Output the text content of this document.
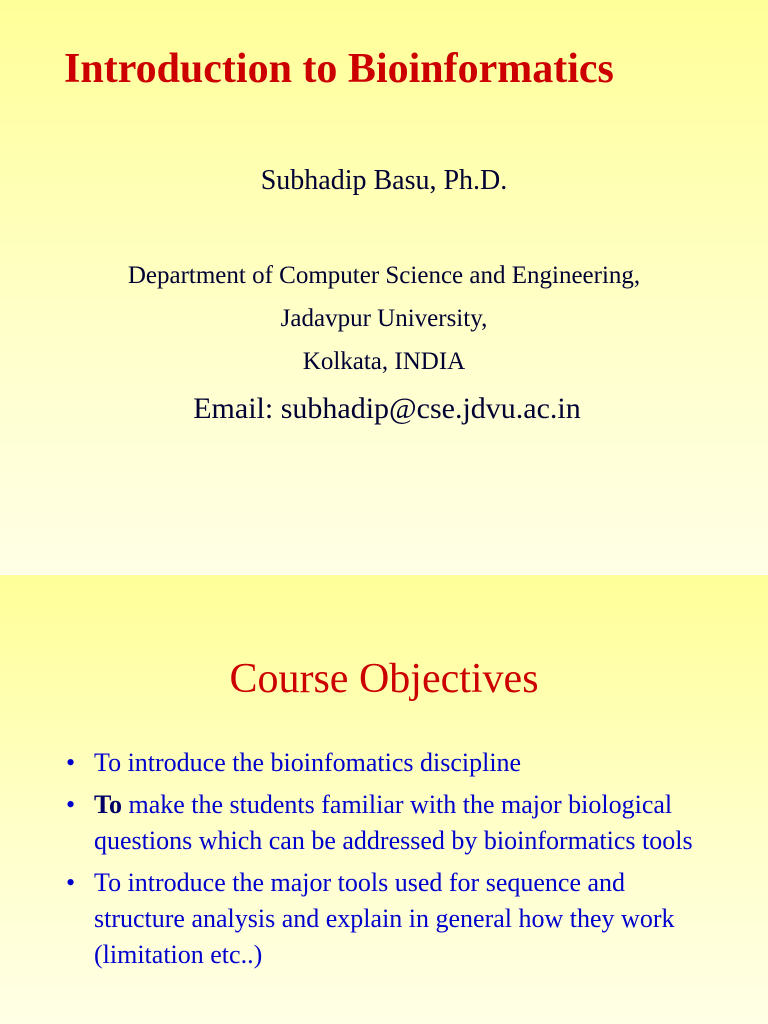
Introduction to Bioinformatics
Subhadip Basu, Ph.D.
Department of Computer Science and Engineering,
Jadavpur University,
Kolkata, INDIA
Email: subhadip@cse.jdvu.ac.in
Course Objectives
• To introduce the bioinfomatics discipline
• To make the students familiar with the major biological questions which can be addressed by bioinformatics tools
• To introduce the major tools used for sequence and structure analysis and explain in general how they work (limitation etc..)
